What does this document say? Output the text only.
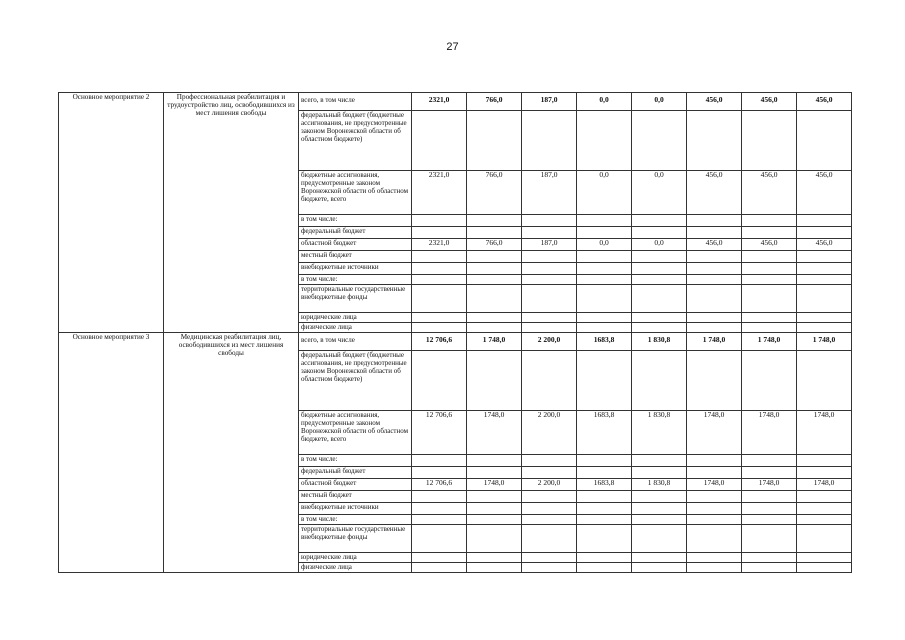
27
Основное мероприятие 2	Профессиональная реабилитация и трудоустройство лиц, освободившихся из мест лишения свободы	всего, в том числе	2321,0	766,0	187,0	0,0	0,0	456,0	456,0	456,0
		федеральный бюджет (бюджетные ассигнования, не предусмотренные законом Воронежской области об областном бюджете)								
		бюджетные ассигнования, предусмотренные законом Воронежской области об областном бюджете, всего	2321,0	766,0	187,0	0,0	0,0	456,0	456,0	456,0
		в том числе:								
		федеральный бюджет								
		областной бюджет	2321,0	766,0	187,0	0,0	0,0	456,0	456,0	456,0
		местный бюджет								
		внебюджетные источники								
		в том числе:								
		территориальные государственные внебюджетные фонды								
		юридические лица								
		физические лица								
Основное мероприятие 3	Медицинская реабилитация лиц, освободившихся из мест лишения свободы	всего, в том числе	12 706,6	1 748,0	2 200,0	1683,8	1 830,8	1 748,0	1 748,0	1 748,0
		федеральный бюджет (бюджетные ассигнования, не предусмотренные законом Воронежской области об областном бюджете)								
		бюджетные ассигнования, предусмотренные законом Воронежской области об областном бюджете, всего	12 706,6	1748,0	2 200,0	1683,8	1 830,8	1748,0	1748,0	1748,0
		в том числе:								
		федеральный бюджет								
		областной бюджет	12 706,6	1748,0	2 200,0	1683,8	1 830,8	1748,0	1748,0	1748,0
		местный бюджет								
		внебюджетные источники								
		в том числе:								
		территориальные государственные внебюджетные фонды								
		юридические лица								
		физические лица								
